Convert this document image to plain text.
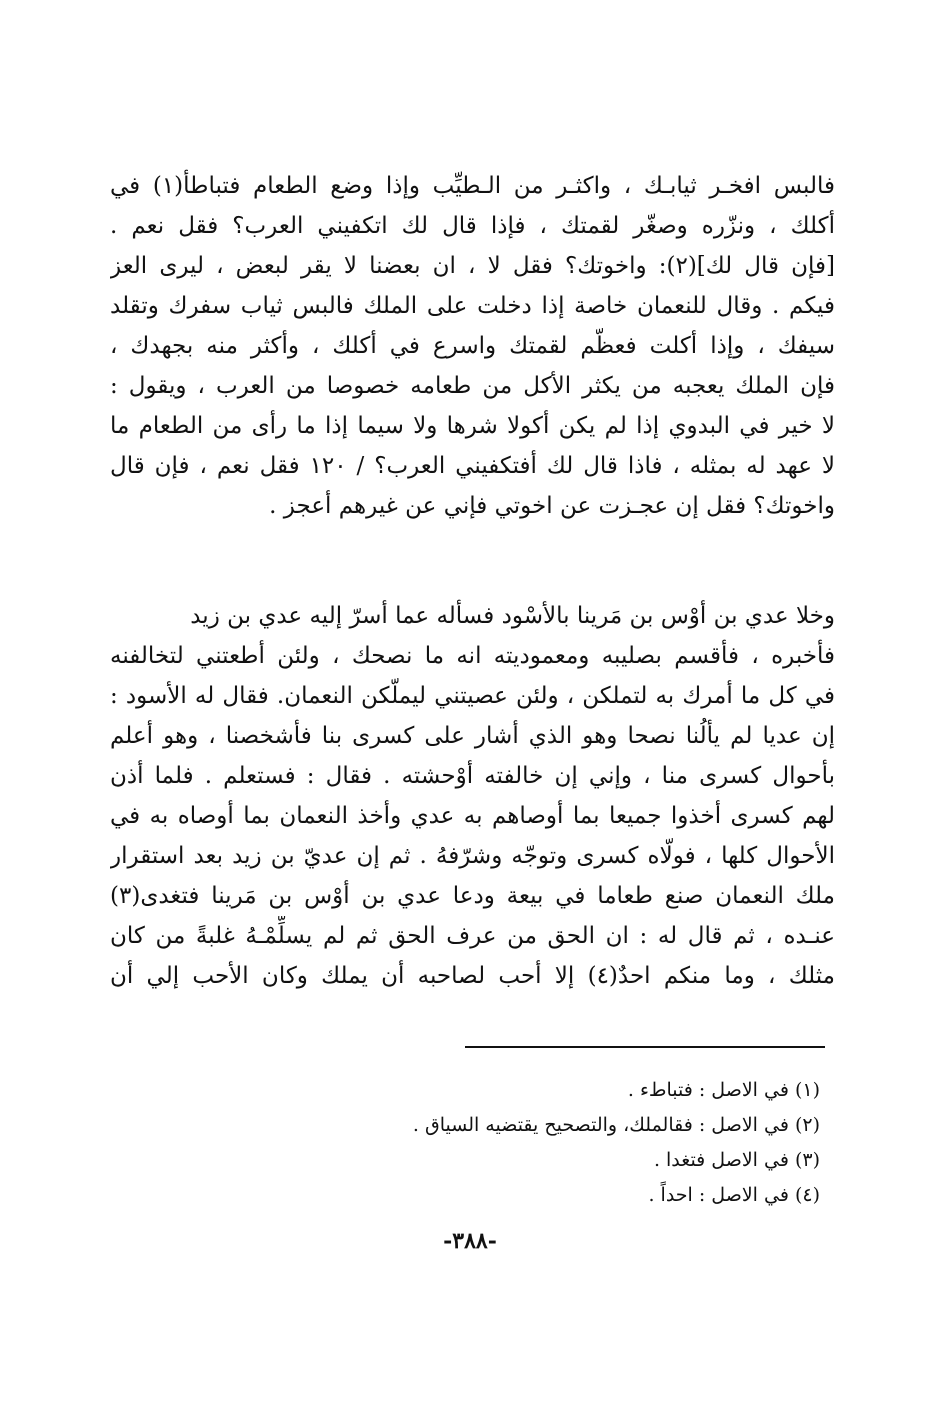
فالبس افخـر ثيابـك ، واكثـر من الـطيِّب وإذا وضع الطعام فتباطأ(١) في
أكلك ، ونزّره وصغّر لقمتك ، فإذا قال لك اتكفيني العرب؟ فقل نعم .
[فإن قال لك](٢): واخوتك؟ فقل لا ، ان بعضنا لا يقر لبعض ، ليرى العز
فيكم . وقال للنعمان خاصة إذا دخلت على الملك فالبس ثياب سفرك وتقلد
سيفك ، وإذا أكلت فعظّم لقمتك واسرع في أكلك ، وأكثر منه بجهدك ،
فإن الملك يعجبه من يكثر الأكل من طعامه خصوصا من العرب ، ويقول :
لا خير في البدوي إذا لم يكن أكولا شرها ولا سيما إذا ما رأى من الطعام ما
لا عهد له بمثله ، فاذا قال لك أفتكفيني العرب؟ / ١٢٠ فقل نعم ، فإن قال
واخوتك؟ فقل إن عجـزت عن اخوتي فإني عن غيرهم أعجز .
وخلا عدي بن أوْس بن مَرينا بالأسْود فسأله عما أسرّ إليه عدي بن زيد
فأخبره ، فأقسم بصليبه ومعموديته انه ما نصحك ، ولئن أطعتني لتخالفنه
في كل ما أمرك به لتملكن ، ولئن عصيتني ليملّكن النعمان. فقال له الأسود :
إن عديا لم يألُنا نصحا وهو الذي أشار على كسرى بنا فأشخصنا ، وهو أعلم
بأحوال كسرى منا ، وإني إن خالفته أوْحشته . فقال : فستعلم . فلما أذن
لهم كسرى أخذوا جميعا بما أوصاهم به عدي وأخذ النعمان بما أوصاه به في
الأحوال كلها ، فولّاه كسرى وتوجّه وشرّفهُ . ثم إن عديّ بن زيد بعد استقرار
ملك النعمان صنع طعاما في بيعة ودعا عدي بن أوْس بن مَرينا فتغدى(٣)
عنـده ، ثم قال له : ان الحق من عرف الحق ثم لم يسلِّمْـهُ غلبةً من كان
مثلك ، وما منكم احدٌ(٤) إلا أحب لصاحبه أن يملك وكان الأحب إلي أن
(١) في الاصل : فتباطء .
(٢) في الاصل : فقالملك، والتصحيح يقتضيه السياق .
(٣) في الاصل فتغدا .
(٤) في الاصل : احداً .
-٣٨٨-
